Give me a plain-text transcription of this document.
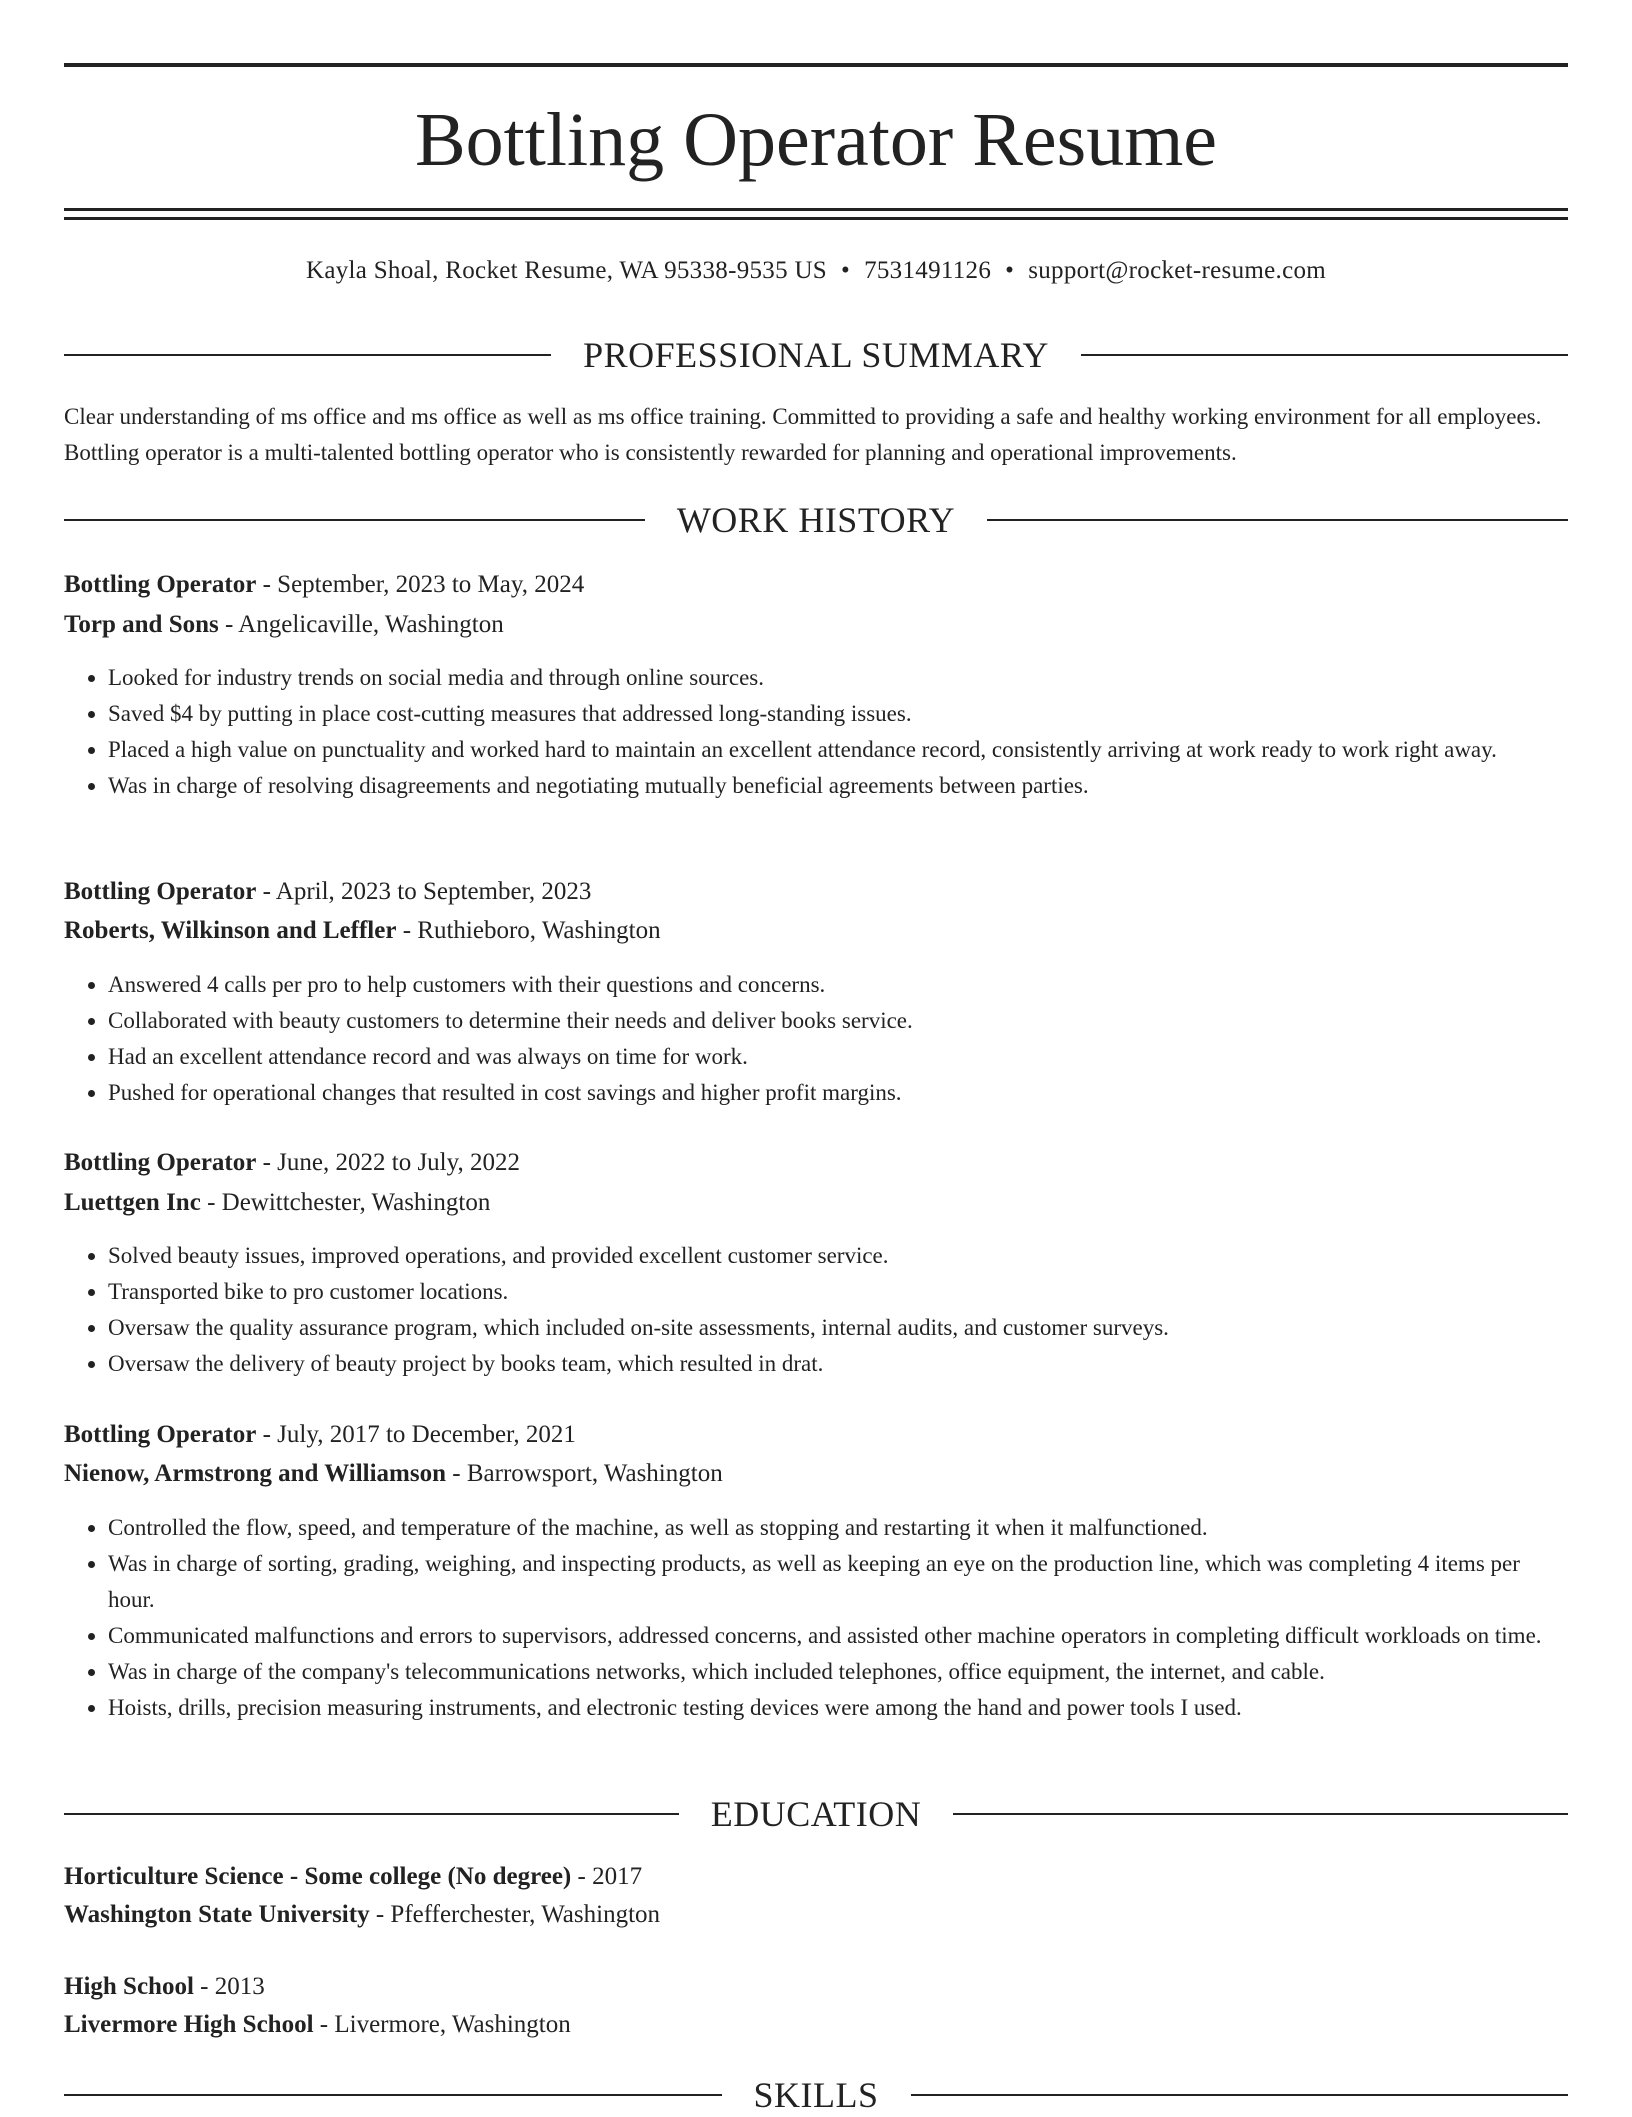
Bottling Operator Resume
Kayla Shoal, Rocket Resume, WA 95338-9535 US • 7531491126 • support@rocket-resume.com
PROFESSIONAL SUMMARY
Clear understanding of ms office and ms office as well as ms office training. Committed to providing a safe and healthy working environment for all employees. Bottling operator is a multi-talented bottling operator who is consistently rewarded for planning and operational improvements.
WORK HISTORY
Bottling Operator - September, 2023 to May, 2024
Torp and Sons - Angelicaville, Washington
• Looked for industry trends on social media and through online sources.
• Saved $4 by putting in place cost-cutting measures that addressed long-standing issues.
• Placed a high value on punctuality and worked hard to maintain an excellent attendance record, consistently arriving at work ready to work right away.
• Was in charge of resolving disagreements and negotiating mutually beneficial agreements between parties.
Bottling Operator - April, 2023 to September, 2023
Roberts, Wilkinson and Leffler - Ruthieboro, Washington
• Answered 4 calls per pro to help customers with their questions and concerns.
• Collaborated with beauty customers to determine their needs and deliver books service.
• Had an excellent attendance record and was always on time for work.
• Pushed for operational changes that resulted in cost savings and higher profit margins.
Bottling Operator - June, 2022 to July, 2022
Luettgen Inc - Dewittchester, Washington
• Solved beauty issues, improved operations, and provided excellent customer service.
• Transported bike to pro customer locations.
• Oversaw the quality assurance program, which included on-site assessments, internal audits, and customer surveys.
• Oversaw the delivery of beauty project by books team, which resulted in drat.
Bottling Operator - July, 2017 to December, 2021
Nienow, Armstrong and Williamson - Barrowsport, Washington
• Controlled the flow, speed, and temperature of the machine, as well as stopping and restarting it when it malfunctioned.
• Was in charge of sorting, grading, weighing, and inspecting products, as well as keeping an eye on the production line, which was completing 4 items per hour.
• Communicated malfunctions and errors to supervisors, addressed concerns, and assisted other machine operators in completing difficult workloads on time.
• Was in charge of the company's telecommunications networks, which included telephones, office equipment, the internet, and cable.
• Hoists, drills, precision measuring instruments, and electronic testing devices were among the hand and power tools I used.
EDUCATION
Horticulture Science - Some college (No degree) - 2017
Washington State University - Pfefferchester, Washington
High School - 2013
Livermore High School - Livermore, Washington
SKILLS
